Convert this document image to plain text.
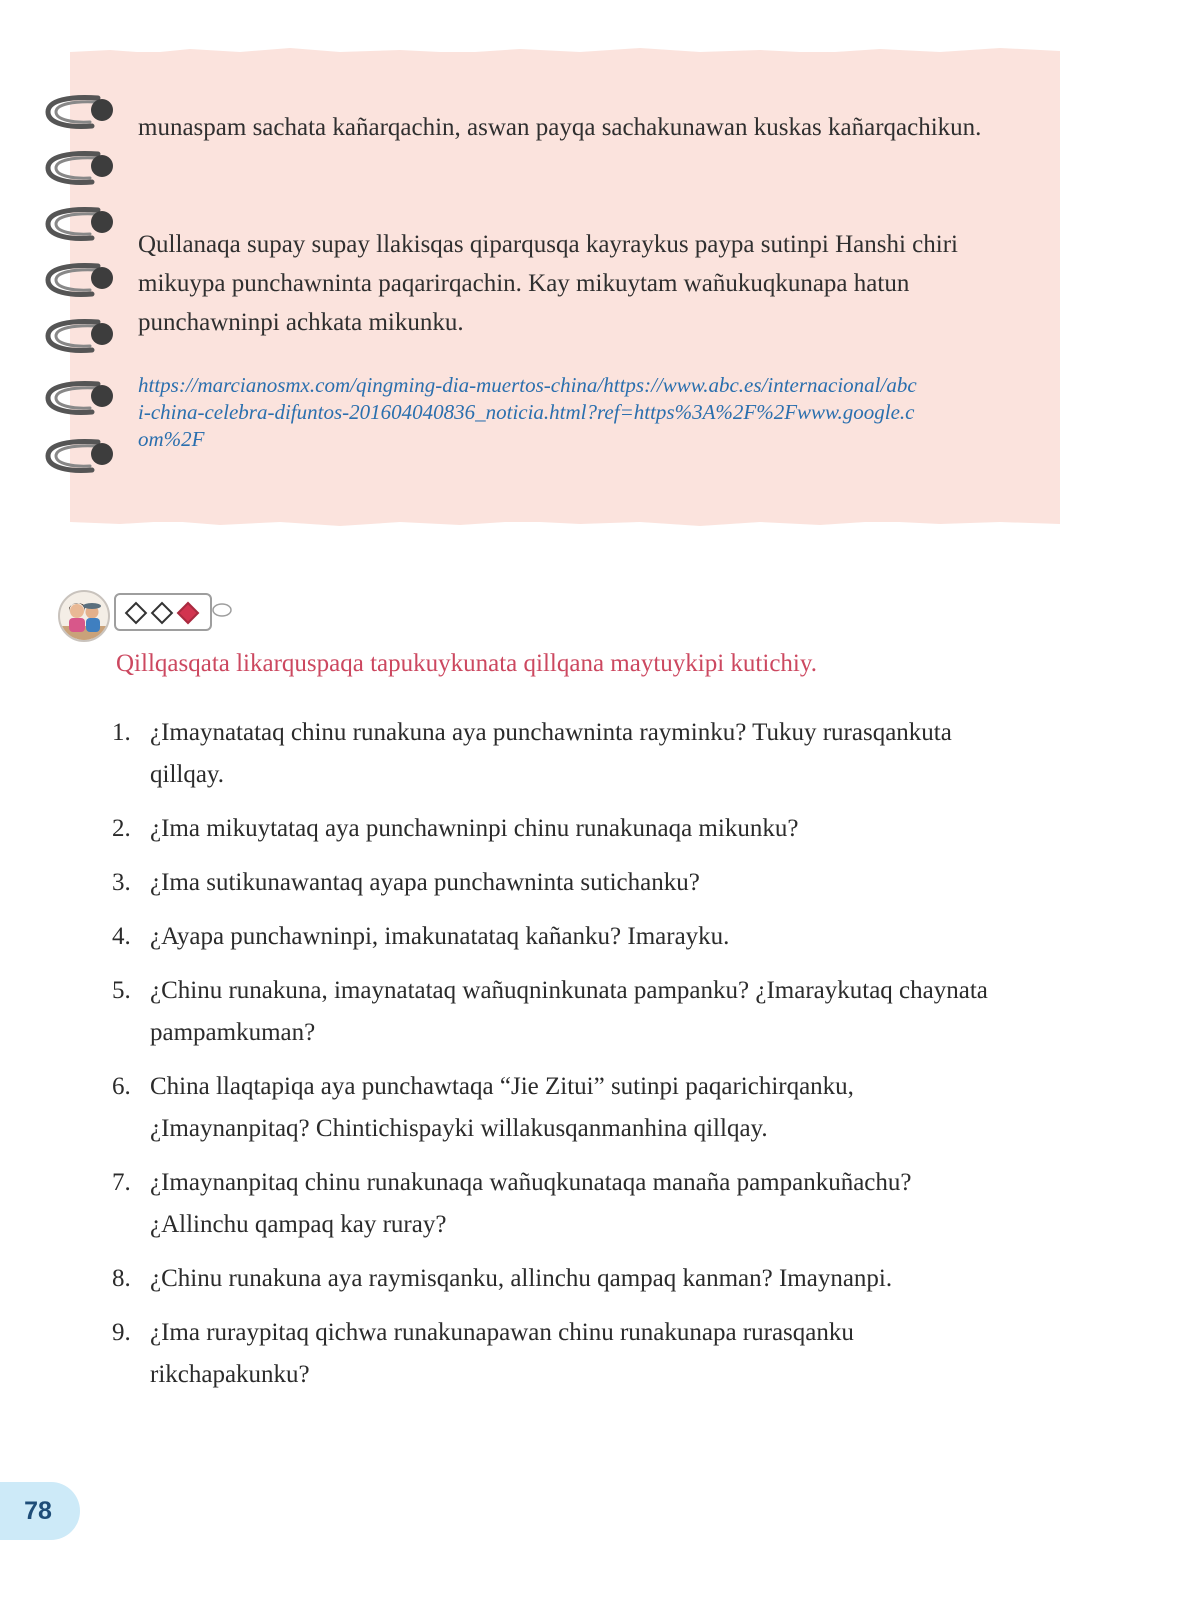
munaspam sachata kañarqachin, aswan payqa sachakunawan kuskas kañarqachikun.

Qullanaqa supay supay llakisqas qiparqusqa kayraykus paypa sutinpi Hanshi chiri mikuypa punchawninta paqarirqachin. Kay mikuytam wañukuqkunapa hatun punchawninpi achkata mikunku.

https://marcianosmx.com/qingming-dia-muertos-china/https://www.abc.es/internacional/abci-china-celebra-difuntos-201604040836_noticia.html?ref=https%3A%2F%2Fwww.google.com%2F
Qillqasqata likarquspaqa tapukuykunata qillqana maytuykipi kutichiy.
1. ¿Imaynatataq chinu runakuna aya punchawninta rayminku? Tukuy rurasqankuta qillqay.
2. ¿Ima mikuytataq aya punchawninpi chinu runakunaqa mikunku?
3. ¿Ima sutikunawantaq ayapa punchawninta sutichanku?
4. ¿Ayapa punchawninpi, imakunatataq kañanku? Imarayku.
5. ¿Chinu runakuna, imaynatataq wañuqninkunata pampanku? ¿Imaraykutaq chaynata pampamkuman?
6. China llaqtapiqa aya punchawtaqa “Jie Zitui” sutinpi paqarichirqanku, ¿Imaynanpitaq? Chintichispayki willakusqanmanhina qillqay.
7. ¿Imaynanpitaq chinu runakunaqa wañuqkunataqa manaña pampankuñachu? ¿Allinchu qampaq kay ruray?
8. ¿Chinu runakuna aya raymisqanku, allinchu qampaq kanman? Imaynanpi.
9. ¿Ima ruraypitaq qichwa runakunapawan chinu runakunapa rurasqanku rikchapakunku?
78
